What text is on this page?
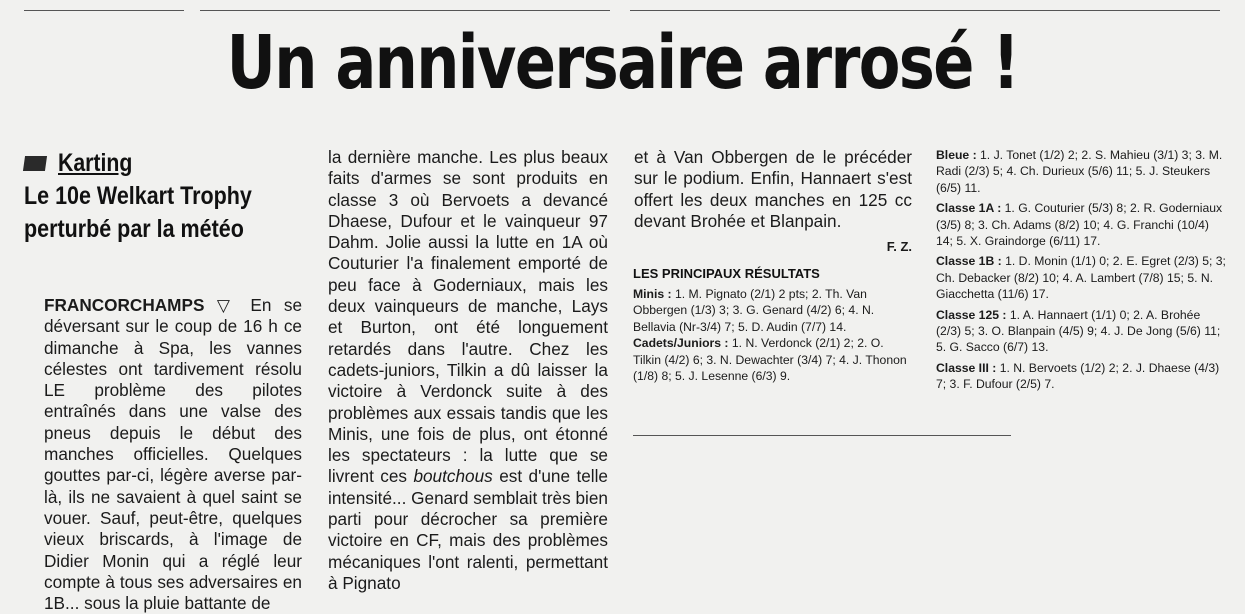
Un anniversaire arrosé !
Karting
Le 10e Welkart Trophy
perturbé par la météo

FRANCORCHAMPS ▽ En se déversant sur le coup de 16 h ce dimanche à Spa, les vannes célestes ont tardivement résolu LE problème des pilotes entraînés dans une valse des pneus depuis le début des manches officielles. Quelques gouttes par-ci, légère averse par-là, ils ne savaient à quel saint se vouer. Sauf, peut-être, quelques vieux briscards, à l'image de Didier Monin qui a réglé leur compte à tous ses adversaires en 1B... sous la pluie battante de

la dernière manche. Les plus beaux faits d'armes se sont produits en classe 3 où Bervoets a devancé Dhaese, Dufour et le vainqueur 97 Dahm. Jolie aussi la lutte en 1A où Couturier l'a finalement emporté de peu face à Goderniaux, mais les deux vainqueurs de manche, Lays et Burton, ont été longuement retardés dans l'autre. Chez les cadets-juniors, Tilkin a dû laisser la victoire à Verdonck suite à des problèmes aux essais tandis que les Minis, une fois de plus, ont étonné les spectateurs : la lutte que se livrent ces boutchous est d'une telle intensité... Genard semblait très bien parti pour décrocher sa première victoire en CF, mais des problèmes mécaniques l'ont ralenti, permettant à Pignato

et à Van Obbergen de le précéder sur le podium. Enfin, Hannaert s'est offert les deux manches en 125 cc devant Brohée et Blanpain.

F. Z.
LES PRINCIPAUX RÉSULTATS

Minis : 1. M. Pignato (2/1) 2 pts; 2. Th. Van Obbergen (1/3) 3; 3. G. Genard (4/2) 6; 4. N. Bellavia (Nr-3/4) 7; 5. D. Audin (7/7) 14.

Cadets/Juniors : 1. N. Verdonck (2/1) 2; 2. O. Tilkin (4/2) 6; 3. N. Dewachter (3/4) 7; 4. J. Thonon (1/8) 8; 5. J. Lesenne (6/3) 9.

Bleue : 1. J. Tonet (1/2) 2; 2. S. Mahieu (3/1) 3; 3. M. Radi (2/3) 5; 4. Ch. Durieux (5/6) 11; 5. J. Steukers (6/5) 11.

Classe 1A : 1. G. Couturier (5/3) 8; 2. R. Goderniaux (3/5) 8; 3. Ch. Adams (8/2) 10; 4. G. Franchi (10/4) 14; 5. X. Graindorge (6/11) 17.

Classe 1B : 1. D. Monin (1/1) 0; 2. E. Egret (2/3) 5; 3; Ch. Debacker (8/2) 10; 4. A. Lambert (7/8) 15; 5. N. Giacchetta (11/6) 17.

Classe 125 : 1. A. Hannaert (1/1) 0; 2. A. Brohée (2/3) 5; 3. O. Blanpain (4/5) 9; 4. J. De Jong (5/6) 11; 5. G. Sacco (6/7) 13.

Classe III : 1. N. Bervoets (1/2) 2; 2. J. Dhaese (4/3) 7; 3. F. Dufour (2/5) 7.
